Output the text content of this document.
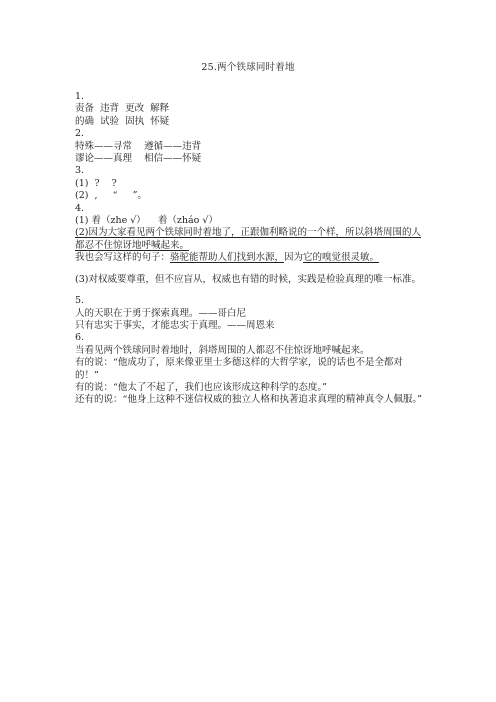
25.两个铁球同时着地
1.
责备  违背  更改  解释
的确  试验  固执  怀疑
2.
特殊——寻常    遵循——违背
谬论——真理    相信——怀疑
3.
(1)  ?    ?
(2)  ,     “     ”。
4.
(1) 着（zhe √）    着（zháo √）
(2)因为大家看见两个铁球同时着地了，正跟伽利略说的一个样，所以斜塔周围的人都忍不住惊讶地呼喊起来。
我也会写这样的句子：骆驼能帮助人们找到水源，因为它的嗅觉很灵敏。
(3)对权威要尊重，但不应盲从，权威也有错的时候，实践是检验真理的唯一标准。
5.
人的天职在于勇于探索真理。——哥白尼
只有忠实于事实，才能忠实于真理。——周恩来
6.
当看见两个铁球同时着地时，斜塔周围的人都忍不住惊讶地呼喊起来。
有的说：“他成功了，原来像亚里士多德这样的大哲学家，说的话也不是全都对的！”
有的说：“他太了不起了，我们也应该形成这种科学的态度。”
还有的说：“他身上这种不迷信权威的独立人格和执著追求真理的精神真令人佩服。”
